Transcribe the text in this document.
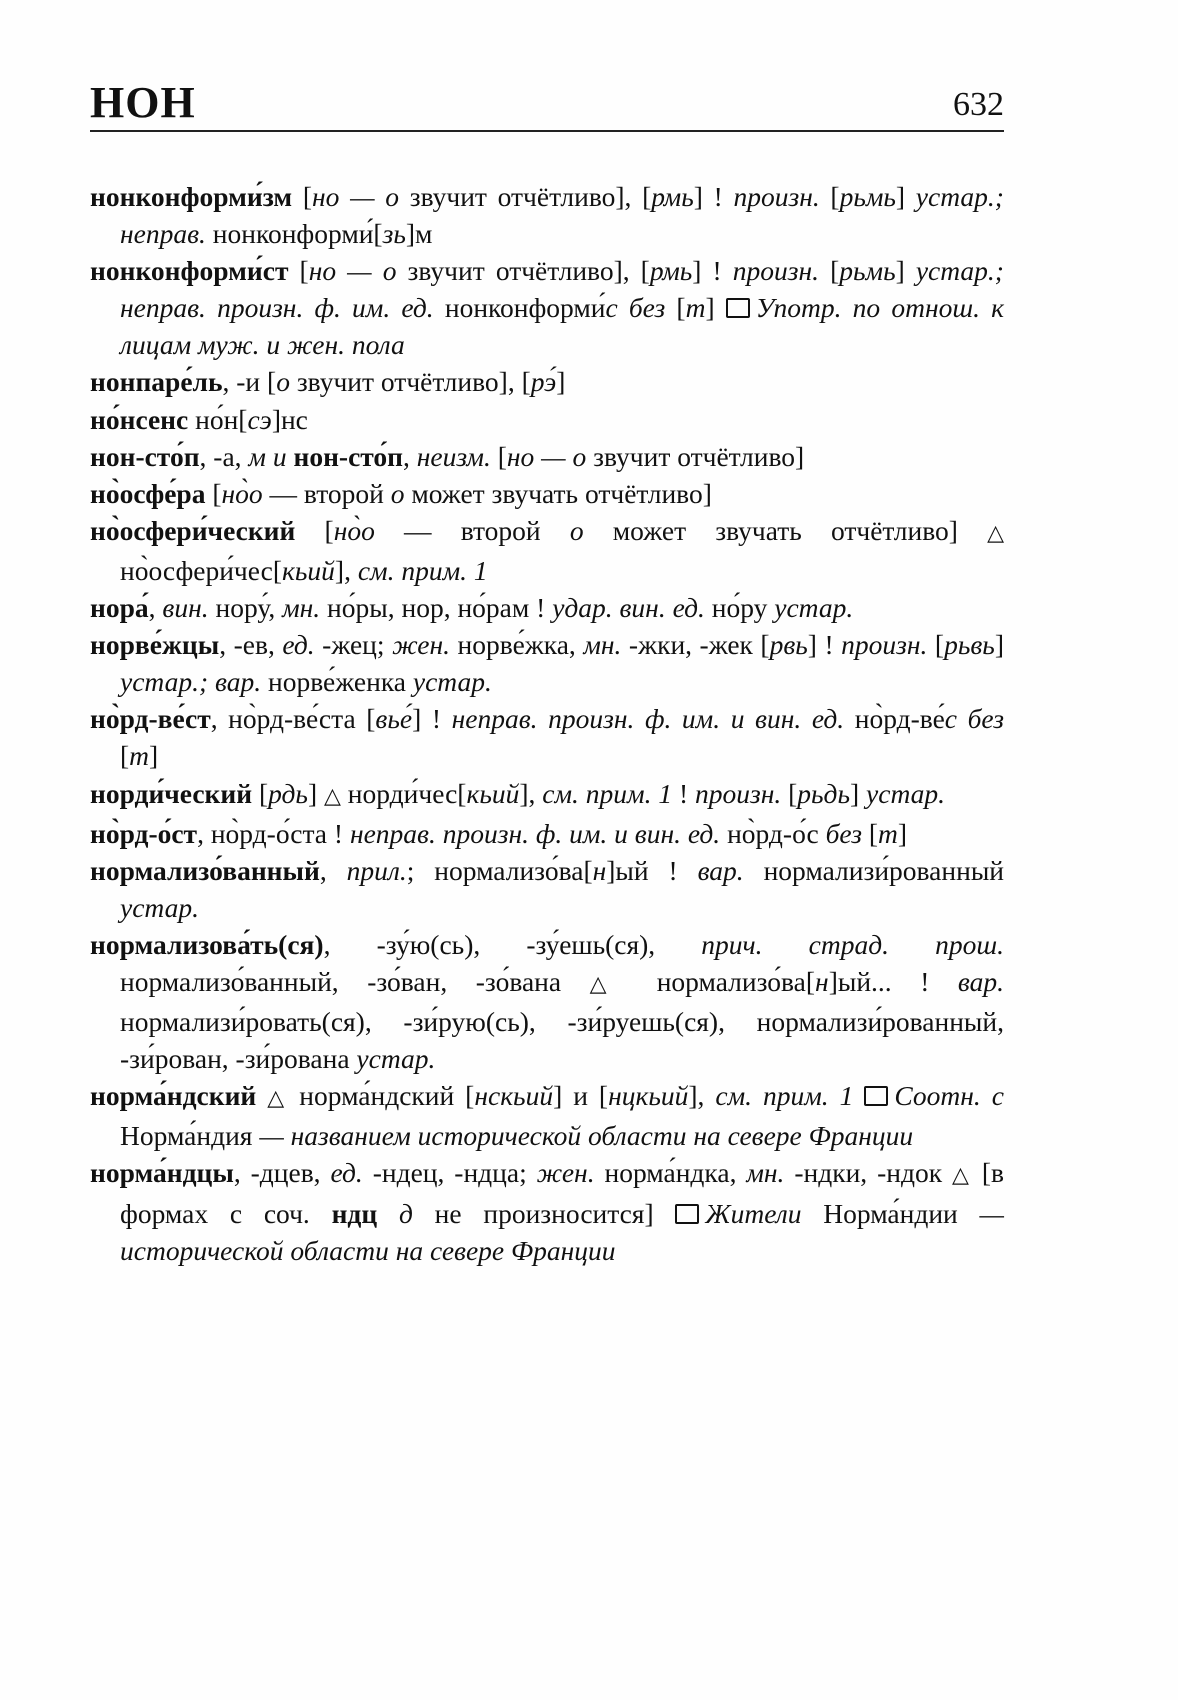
НОН	632
нонконформи́зм [но — о звучит отчётливо], [рмь] ! произн. [рьмь] устар.; неправ. нонконформи́[зь]м
нонконформи́ст [но — о звучит отчётливо], [рмь] ! произн. [рьмь] устар.; неправ. произн. ф. им. ед. нонконформи́с без [т] Употр. по отнош. к лицам муж. и жен. пола
нонпаре́ль, -и [о звучит отчётливо], [рэ́]
но́нсенс но́н[сэ]нс
нон-сто́п, -а, м и нон-сто́п, неизм. [но — о звучит отчётливо]
но̀осфе́ра [но̀о — второй о может звучать отчётливо]
но̀осфери́ческий [но̀о — второй о может звучать отчётливо] △ но̀осфери́чес[кьий], см. прим. 1
нора́, вин. нору́, мн. но́ры, нор, но́рам ! удар. вин. ед. но́ру устар.
норве́жцы, -ев, ед. -жец; жен. норве́жка, мн. -жки, -жек [рвь] ! произн. [рьвь] устар.; вар. норве́женка устар.
но̀рд-ве́ст, но̀рд-ве́ста [вье́] ! неправ. произн. ф. им. и вин. ед. но̀рд-ве́с без [т]
норди́ческий [рдь] △ норди́чес[кьий], см. прим. 1 ! произн. [рьдь] устар.
но̀рд-о́ст, но̀рд-о́ста ! неправ. произн. ф. им. и вин. ед. но̀рд-о́с без [т]
нормализо́ванный, прил.; нормализо́ва[н]ый ! вар. нормализи́рованный устар.
нормализова́ть(ся), -зу́ю(сь), -зу́ешь(ся), прич. страд. прош. нормализо́ванный, -зо́ван, -зо́вана △ нормализо́ва[н]ый... ! вар. нормализи́ровать(ся), -зи́рую(сь), -зи́руешь(ся), нормализи́рованный, -зи́рован, -зи́рована устар.
норма́ндский △ норма́ндский [нскьий] и [нцкьий], см. прим. 1 Соотн. с Норма́ндия — названием исторической области на севере Франции
норма́ндцы, -дцев, ед. -ндец, -ндца; жен. норма́ндка, мн. -ндки, -ндок △ [в формах с соч. ндц д не произносится] Жители Норма́ндии — исторической области на севере Франции
